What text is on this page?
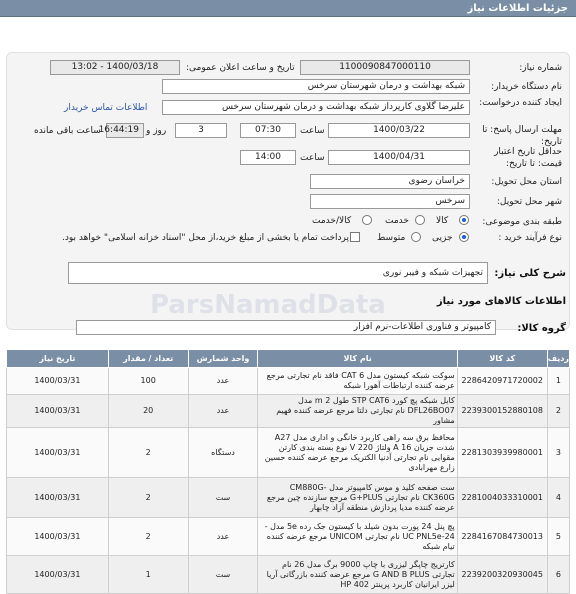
جزئیات اطلاعات نیاز
شماره نیاز:
1100090847000110
تاریخ و ساعت اعلان عمومی:
1400/03/18 - 13:02
نام دستگاه خریدار:
شبکه بهداشت و درمان شهرستان سرخس
ایجاد کننده درخواست:
علیرضا گلاوی کارپرداز شبکه بهداشت و درمان شهرستان سرخس
اطلاعات تماس خریدار
مهلت ارسال پاسخ: تا تاریخ:
1400/03/22
ساعت
07:30
3
روز و
16:44:19
ساعت باقی مانده
حداقل تاریخ اعتبار قیمت: تا تاریخ:
1400/04/31
ساعت
14:00
استان محل تحویل:
خراسان رضوی
شهر محل تحویل:
سرخس
طبقه بندی موضوعی:
کالا
خدمت
کالا/خدمت
نوع فرآیند خرید :
جزیی
متوسط
پرداخت تمام یا بخشی از مبلغ خرید،از محل "اسناد خزانه اسلامی" خواهد بود.
شرح کلی نیاز:
تجهیزات شبکه و فیبر نوری
اطلاعات کالاهای مورد نیاز
ParsNamadData
گروه کالا:
کامپیوتر و فناوری اطلاعات-نرم افزار
ردیف	کد کالا	نام کالا	واحد شمارش	تعداد / مقدار	تاریخ نیاز
1	2286420971720002	سوکت شبکه کیستون مدل CAT 6 فاقد نام تجارتی مرجع عرضه کننده ارتباطات آهورا شبکه	عدد	100	1400/03/31
2	2239300152880108	کابل شبکه پچ کورد STP CAT6 طول 2 m مدل DFL26BO07 نام تجارتی دلتا مرجع عرضه کننده فهیم مشاور	عدد	20	1400/03/31
3	2281303939980001	محافظ برق سه راهی کاربرد خانگی و اداری مدل A27 شدت جریان 16 A ولتاژ 220 V نوع بسته بندی کارتن مقوایی نام تجارتی آدنیا الکتریک مرجع عرضه کننده حسین زارع مهرابادی	دستگاه	2	1400/03/31
4	2281004033310001	ست صفحه کلید و موس کامپیوتر مدل CM880G-CK360G نام تجارتی G+PLUS مرجع سازنده چین مرجع عرضه کننده مدیا پردازش منطقه آزاد چابهار	ست	2	1400/03/31
5	2284167084730013	پچ پنل 24 پورت بدون شیلد با کیستون جک رده 5e مدل -UC PNL5e-24 نام تجارتی UNICOM مرجع عرضه کننده تیام شبکه	عدد	2	1400/03/31
6	2239200320930045	کارتریج چاپگر لیزری با چاپ 9000 برگ مدل 26 نام تجارتی G AND B PLUS مرجع عرضه کننده بازرگانی آریا لیزر ایرانیان کاربرد پرینتر HP 402	ست	1	1400/03/31
